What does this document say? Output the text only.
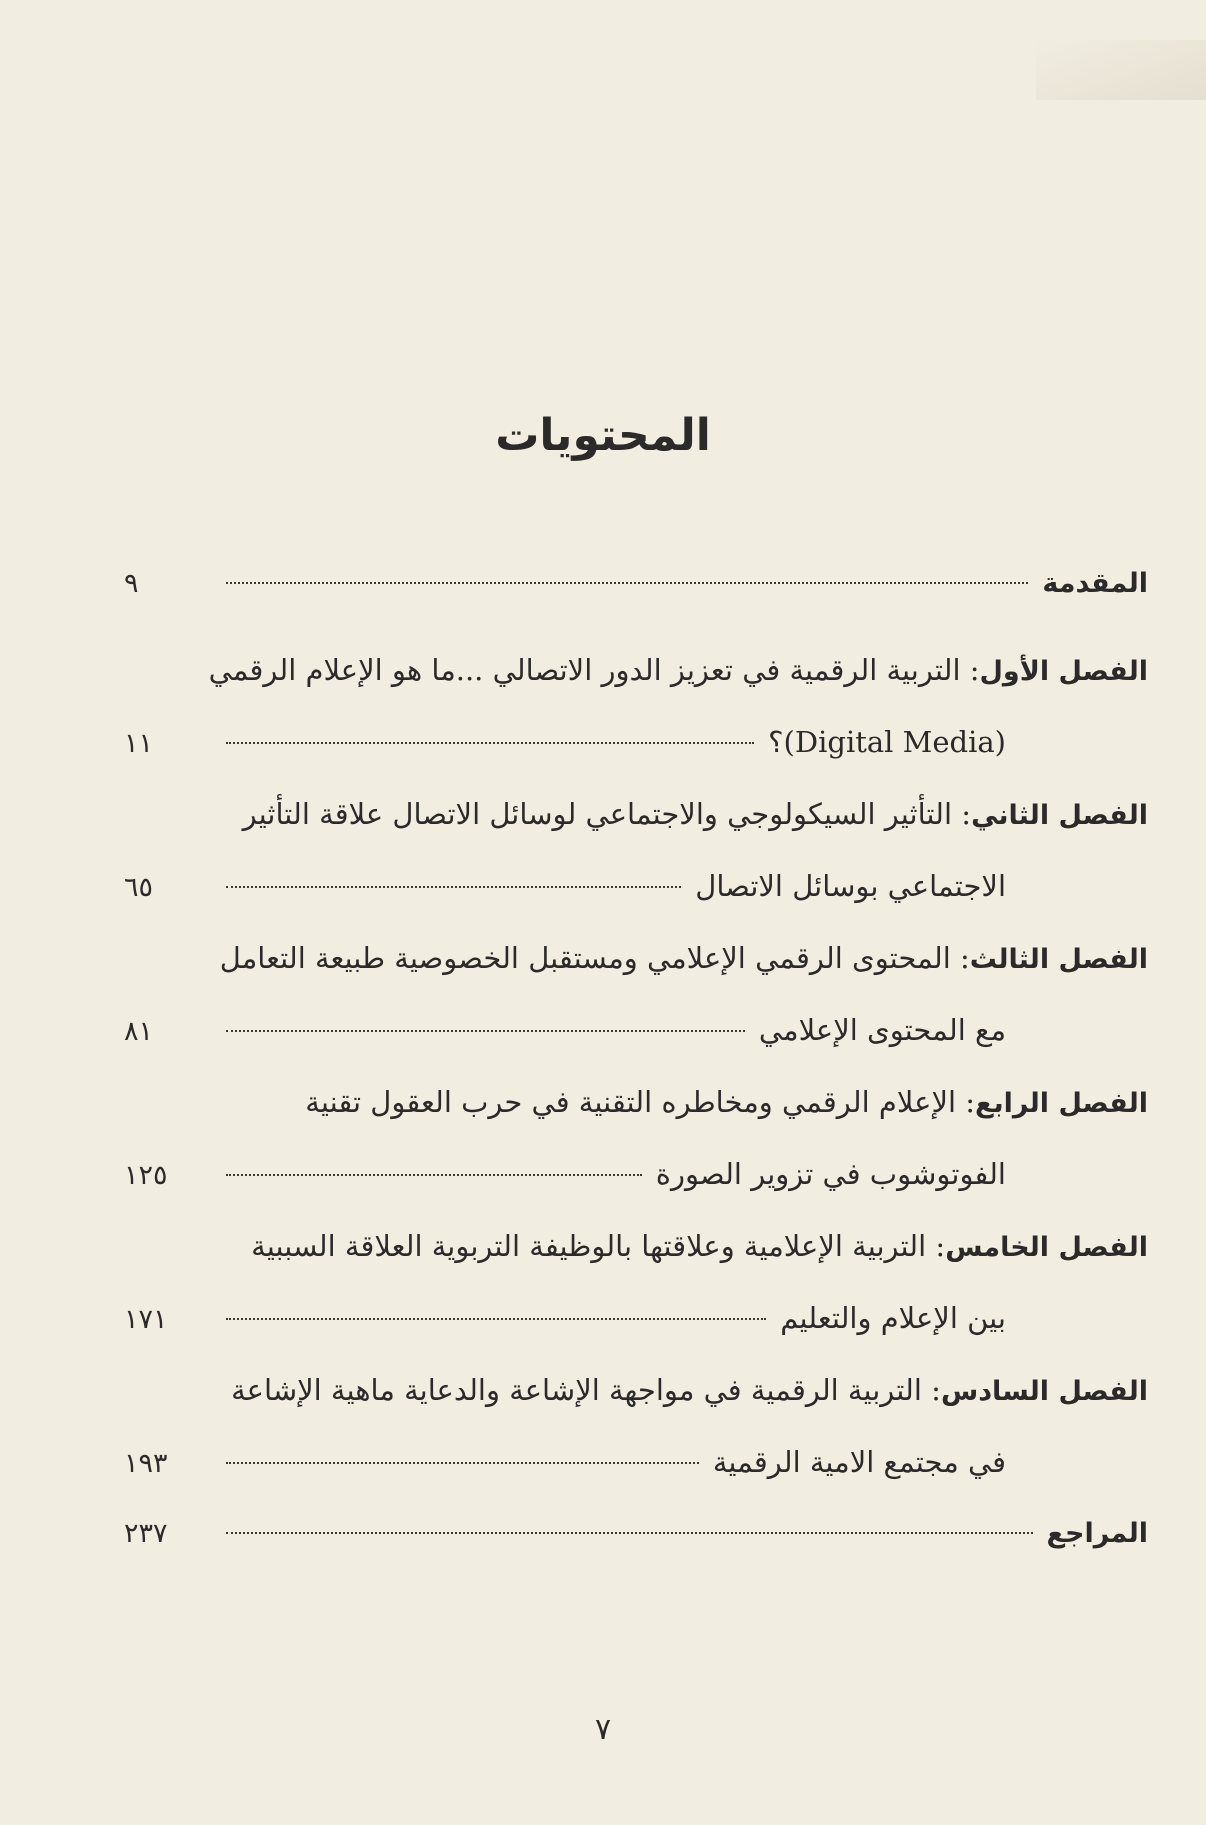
المحتويات
المقدمة
٩
الفصل الأول
: التربية الرقمية في تعزيز الدور الاتصالي ...ما هو الإعلام الرقمي
(Digital Media)؟
١١
الفصل الثاني
: التأثير السيكولوجي والاجتماعي لوسائل الاتصال علاقة التأثير
الاجتماعي بوسائل الاتصال
٦٥
الفصل الثالث
: المحتوى الرقمي الإعلامي ومستقبل الخصوصية طبيعة التعامل
مع المحتوى الإعلامي
٨١
الفصل الرابع
: الإعلام الرقمي ومخاطره التقنية في حرب العقول تقنية
الفوتوشوب في تزوير الصورة
١٢٥
الفصل الخامس
: التربية الإعلامية وعلاقتها بالوظيفة التربوية العلاقة السببية
بين الإعلام والتعليم
١٧١
الفصل السادس
: التربية الرقمية في مواجهة الإشاعة والدعاية ماهية الإشاعة
في مجتمع الامية الرقمية
١٩٣
المراجع
٢٣٧
٧
